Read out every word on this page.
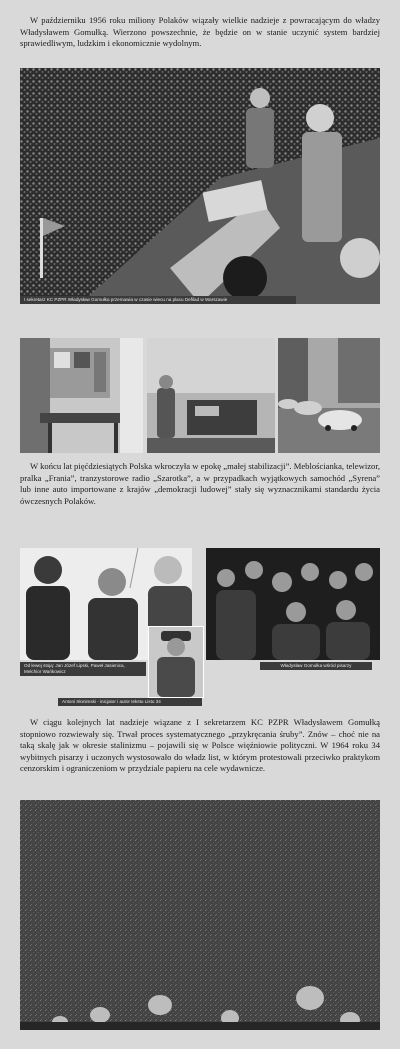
W październiku 1956 roku miliony Polaków wiązały wielkie nadzieje z powracającym do władzy Władysławem Gomułką. Wierzono powszechnie, że będzie on w stanie uczynić system bardziej sprawiedliwym, ludzkim i ekonomicznie wydolnym.
I sekretarz KC PZPR Władysław Gomułka przemawia w czasie wiecu na placu Defilad w Warszawie
W końcu lat pięćdziesiątych Polska wkroczyła w epokę „małej stabilizacji”. Meblościanka, telewizor, pralka „Frania”, tranzystorowe radio „Szarotka”, a w przypadkach wyjątkowych samochód „Syrena” lub inne auto importowane z krajów „demokracji ludowej” stały się wyznacznikami standardu życia ówczesnych Polaków.
Od lewej stoją: Jan Józef Lipski, Paweł Jasienica, Melchior Wańkowicz
Antoni Słonimski - inicjator i autor tekstu Listu 34
Władysław Gomułka wśród pisarzy
W ciągu kolejnych lat nadzieje wiązane z I sekretarzem KC PZPR Władysławem Gomułką stopniowo rozwiewały się. Trwał proces systematycznego „przykręcania śruby”. Znów – choć nie na taką skalę jak w okresie stalinizmu – pojawili się w Polsce więźniowie polityczni. W 1964 roku 34 wybitnych pisarzy i uczonych wystosowało do władz list, w którym protestowali przeciwko praktykom cenzorskim i ograniczeniom w przydziale papieru na cele wydawnicze.
